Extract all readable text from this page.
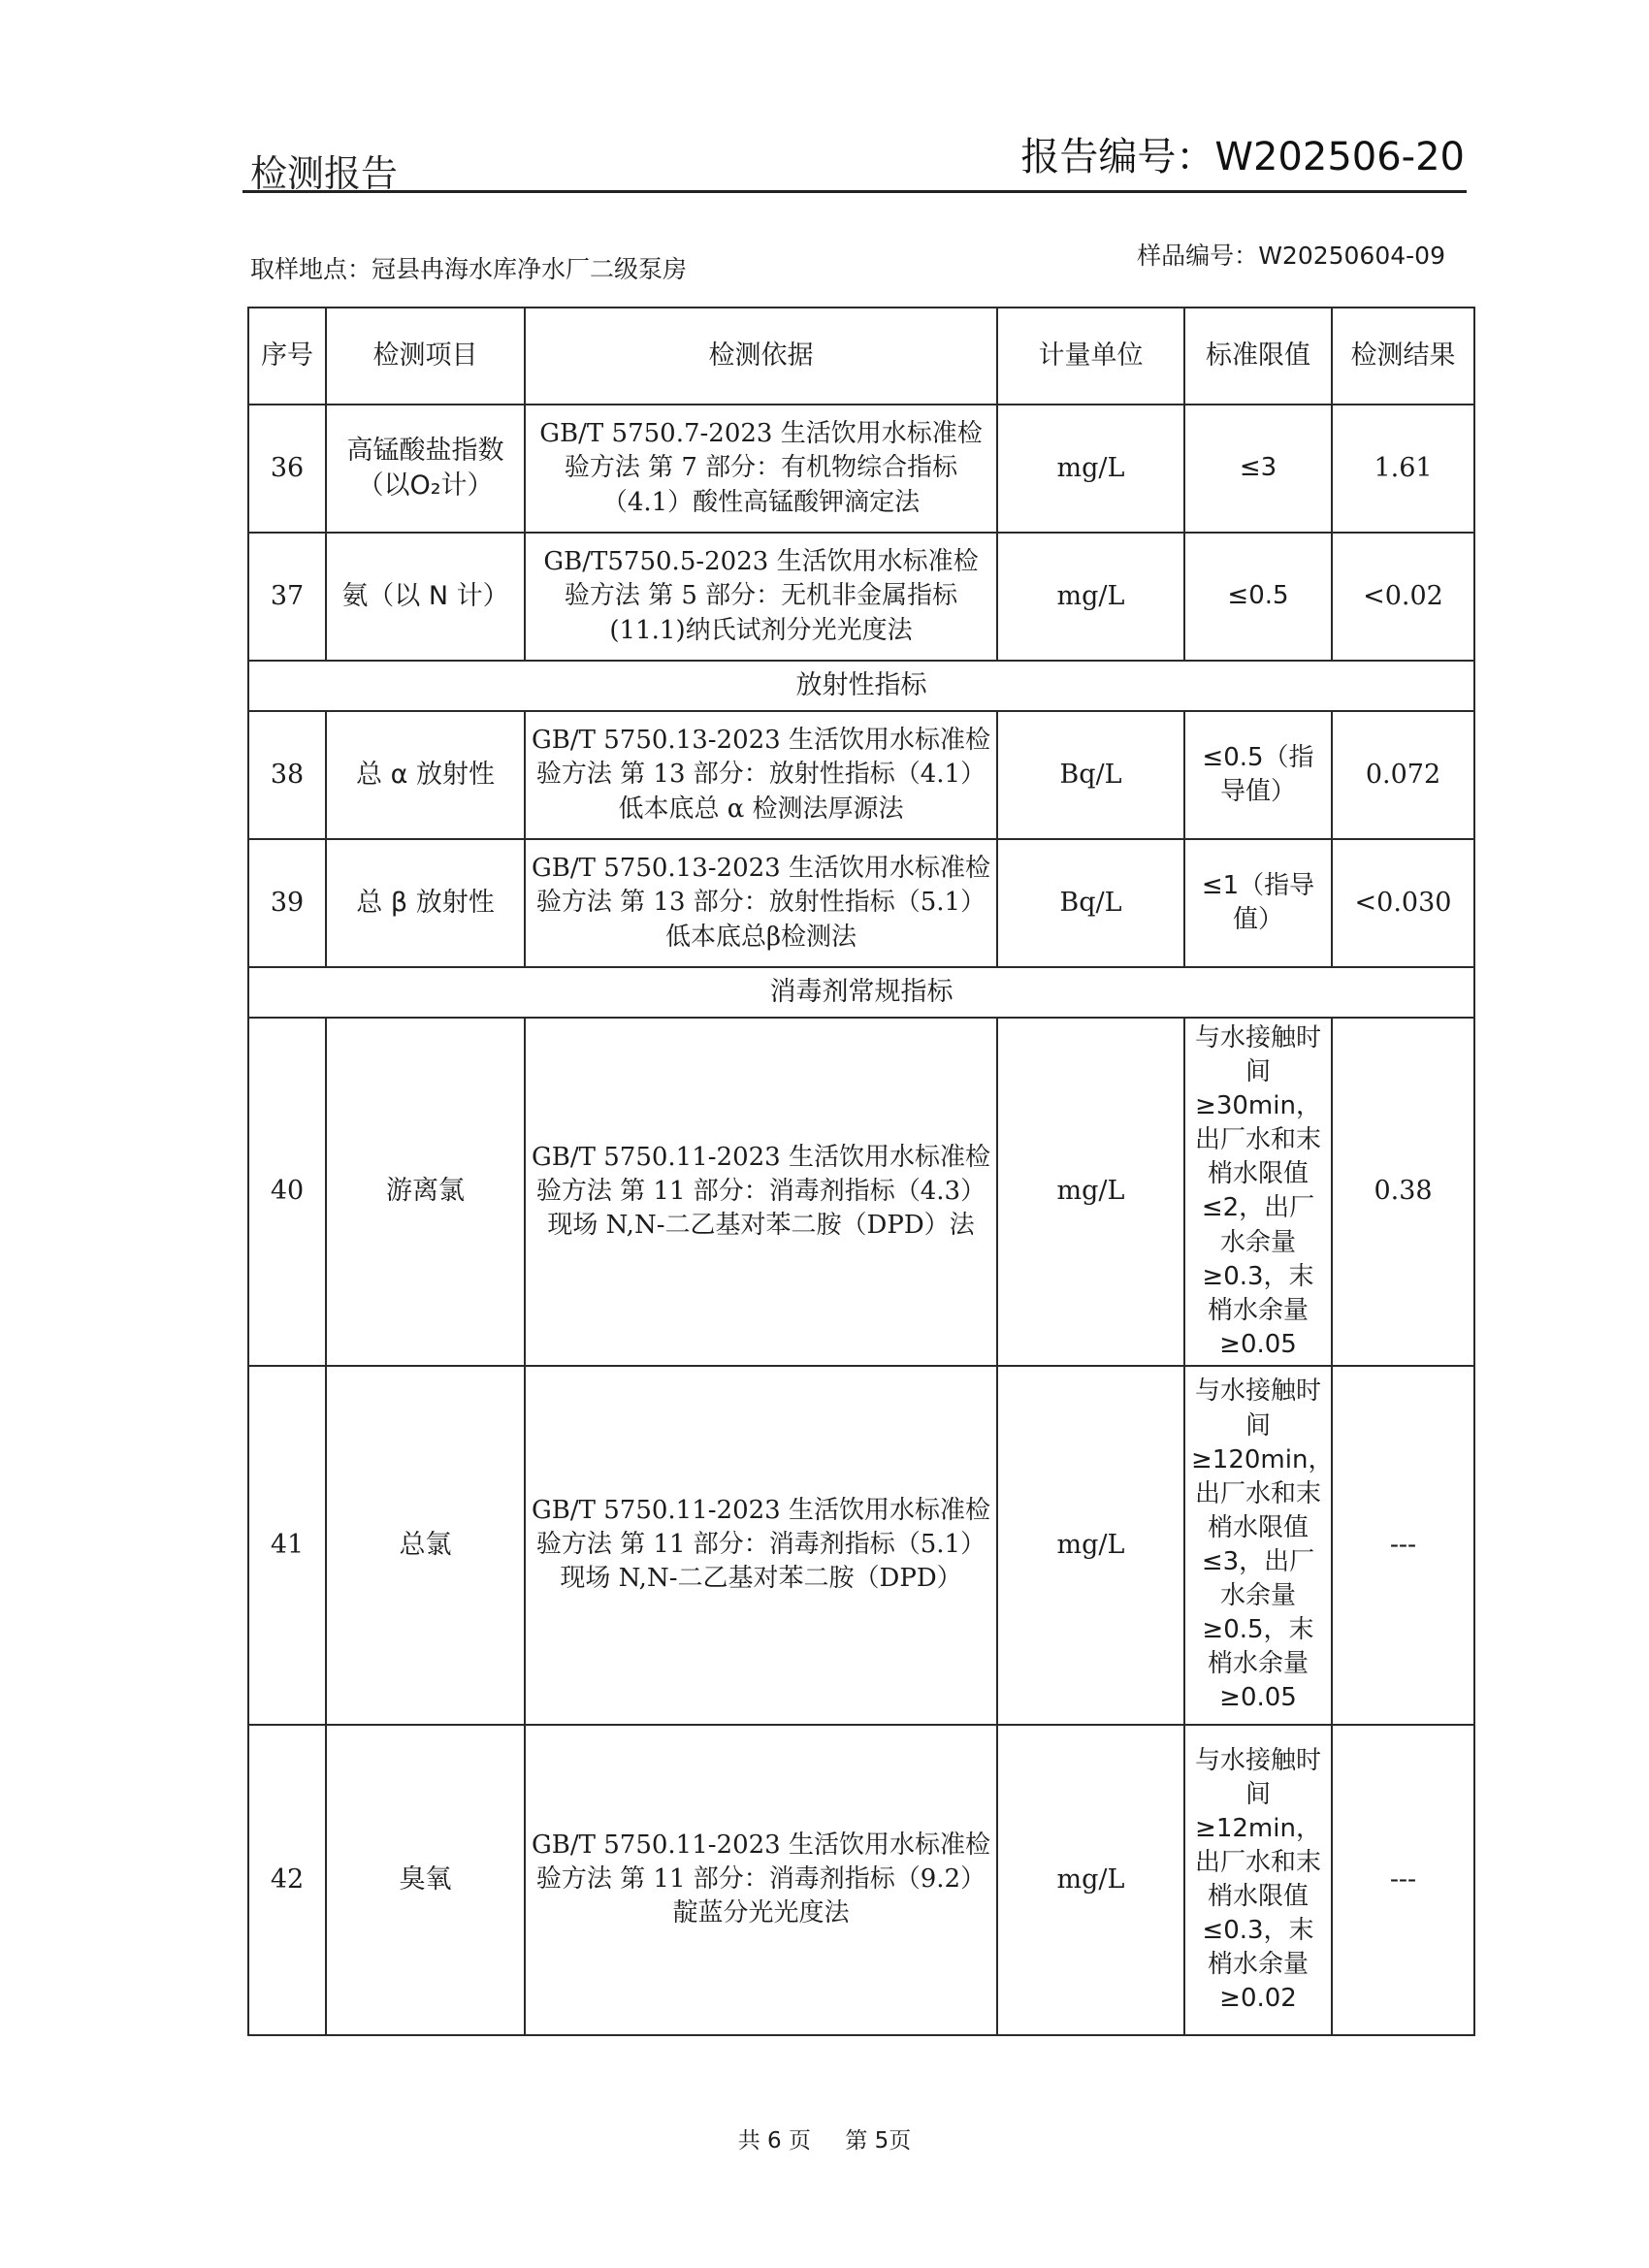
检测报告	报告编号：W202506-20
取样地点：冠县冉海水库净水厂二级泵房	样品编号：W20250604-09
序号	检测项目	检测依据	计量单位	标准限值	检测结果
36	高锰酸盐指数（以O₂计）	GB/T 5750.7-2023 生活饮用水标准检验方法 第 7 部分：有机物综合指标（4.1）酸性高锰酸钾滴定法	mg/L	≤3	1.61
37	氨（以 N 计）	GB/T5750.5-2023 生活饮用水标准检验方法 第 5 部分：无机非金属指标(11.1)纳氏试剂分光光度法	mg/L	≤0.5	<0.02
放射性指标					
38	总 α 放射性	GB/T 5750.13-2023 生活饮用水标准检验方法 第 13 部分：放射性指标（4.1）低本底总 α 检测法厚源法	Bq/L	≤0.5（指导值）	0.072
39	总 β 放射性	GB/T 5750.13-2023 生活饮用水标准检验方法 第 13 部分：放射性指标（5.1）低本底总β检测法	Bq/L	≤1（指导值）	<0.030
消毒剂常规指标					
40	游离氯	GB/T 5750.11-2023 生活饮用水标准检验方法 第 11 部分：消毒剂指标（4.3）现场 N,N-二乙基对苯二胺（DPD）法	mg/L	与水接触时间≥30min，出厂水和末梢水限值≤2，出厂水余量≥0.3，末梢水余量≥0.05	0.38
41	总氯	GB/T 5750.11-2023 生活饮用水标准检验方法 第 11 部分：消毒剂指标（5.1）现场 N,N-二乙基对苯二胺（DPD）	mg/L	与水接触时间≥120min，出厂水和末梢水限值≤3，出厂水余量≥0.5，末梢水余量≥0.05	---
42	臭氧	GB/T 5750.11-2023 生活饮用水标准检验方法 第 11 部分：消毒剂指标（9.2）靛蓝分光光度法	mg/L	与水接触时间≥12min，出厂水和末梢水限值≤0.3，末梢水余量≥0.02	---
共 6 页 第 5页
